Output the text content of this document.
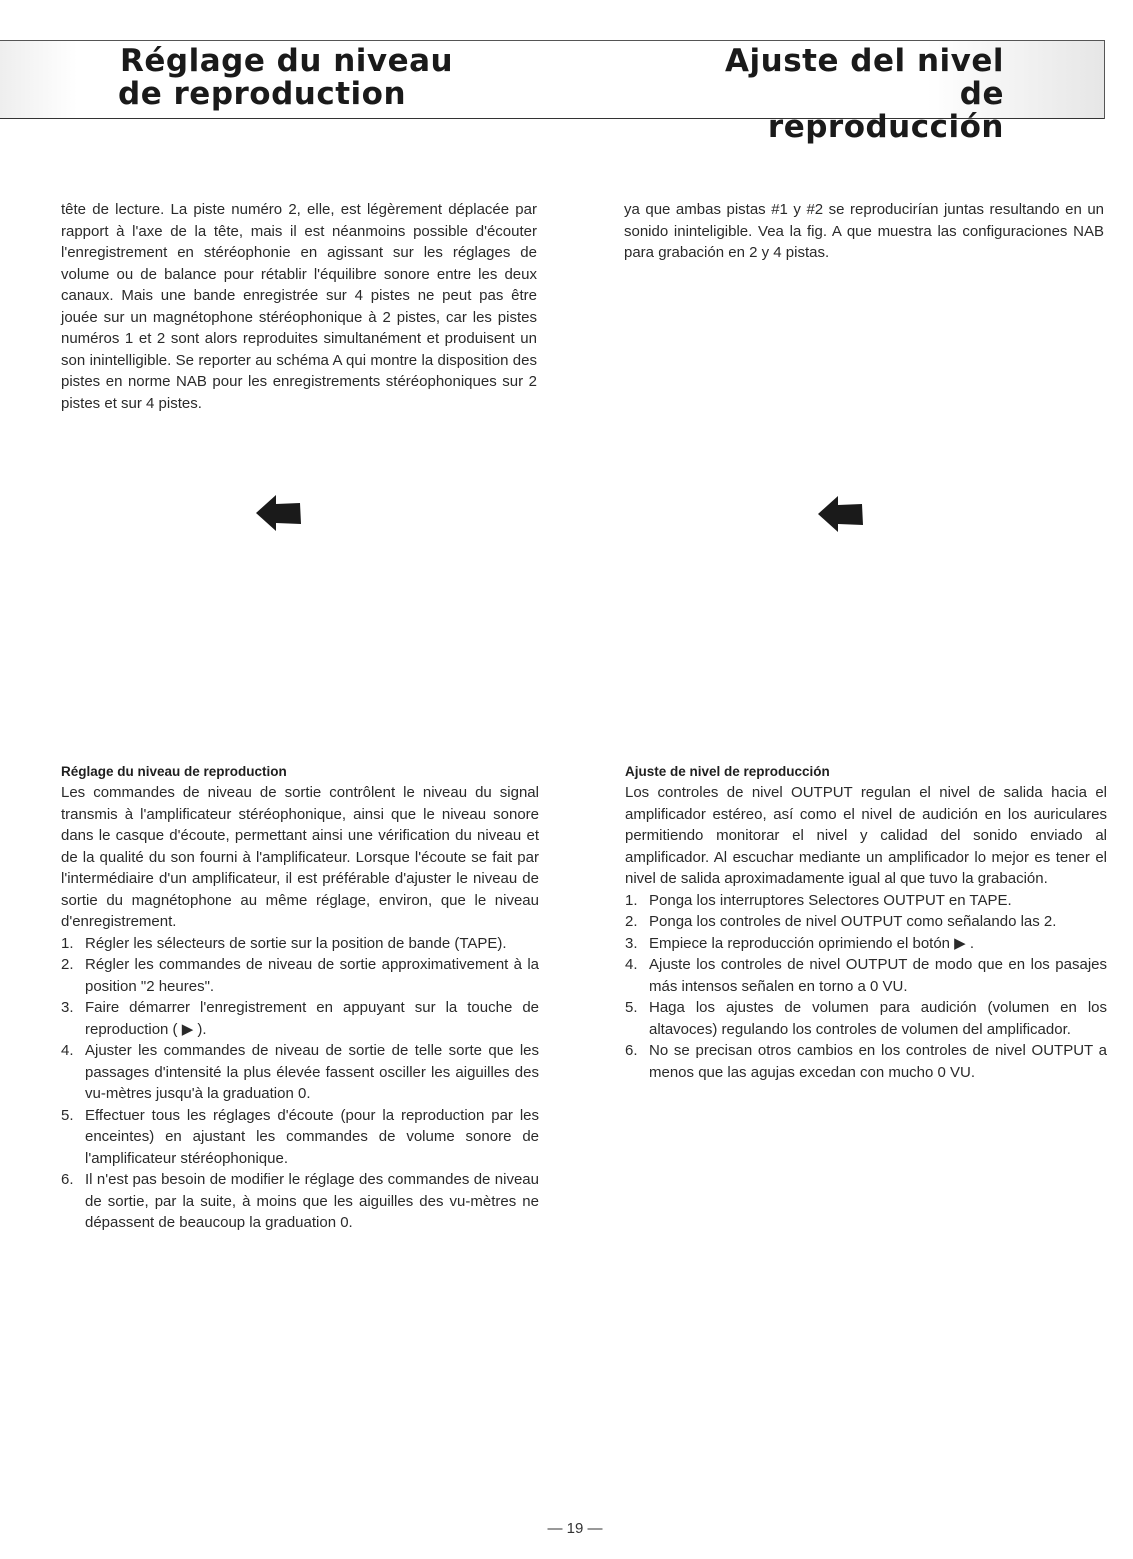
Réglage du niveau
de reproduction
Ajuste del nivel
de reproducción

tête de lecture. La piste numéro 2, elle, est légèrement déplacée par rapport à l'axe de la tête, mais il est néanmoins possible d'écouter l'enregistrement en stéréophonie en agissant sur les réglages de volume ou de balance pour rétablir l'équilibre sonore entre les deux canaux. Mais une bande enregistrée sur 4 pistes ne peut pas être jouée sur un magnétophone stéréophonique à 2 pistes, car les pistes numéros 1 et 2 sont alors reproduites simultanément et produisent un son inintelligible. Se reporter au schéma A qui montre la disposition des pistes en norme NAB pour les enregistrements stéréophoniques sur 2 pistes et sur 4 pistes.

ya que ambas pistas #1 y #2 se reproducirían juntas resultando en un sonido ininteligible. Vea la fig. A que muestra las configuraciones NAB para grabación en 2 y 4 pistas.

Réglage du niveau de reproduction

Les commandes de niveau de sortie contrôlent le niveau du signal transmis à l'amplificateur stéréophonique, ainsi que le niveau sonore dans le casque d'écoute, permettant ainsi une vérification du niveau et de la qualité du son fourni à l'amplificateur. Lorsque l'écoute se fait par l'intermédiaire d'un amplificateur, il est préférable d'ajuster le niveau de sortie du magnétophone au même réglage, environ, que le niveau d'enregistrement.

1. Régler les sélecteurs de sortie sur la position de bande (TAPE).
2. Régler les commandes de niveau de sortie approximativement à la position "2 heures".
3. Faire démarrer l'enregistrement en appuyant sur la touche de reproduction ( ▶ ).
4. Ajuster les commandes de niveau de sortie de telle sorte que les passages d'intensité la plus élevée fassent osciller les aiguilles des vu-mètres jusqu'à la graduation 0.
5. Effectuer tous les réglages d'écoute (pour la reproduction par les enceintes) en ajustant les commandes de volume sonore de l'amplificateur stéréophonique.
6. Il n'est pas besoin de modifier le réglage des commandes de niveau de sortie, par la suite, à moins que les aiguilles des vu-mètres ne dépassent de beaucoup la graduation 0.

Ajuste de nivel de reproducción

Los controles de nivel OUTPUT regulan el nivel de salida hacia el amplificador estéreo, así como el nivel de audición en los auriculares permitiendo monitorar el nivel y calidad del sonido enviado al amplificador. Al escuchar mediante un amplificador lo mejor es tener el nivel de salida aproximadamente igual al que tuvo la grabación.

1. Ponga los interruptores Selectores OUTPUT en TAPE.
2. Ponga los controles de nivel OUTPUT como señalando las 2.
3. Empiece la reproducción oprimiendo el botón ▶ .
4. Ajuste los controles de nivel OUTPUT de modo que en los pasajes más intensos señalen en torno a 0 VU.
5. Haga los ajustes de volumen para audición (volumen en los altavoces) regulando los controles de volumen del amplificador.
6. No se precisan otros cambios en los controles de nivel OUTPUT a menos que las agujas excedan con mucho 0 VU.
— 19 —
